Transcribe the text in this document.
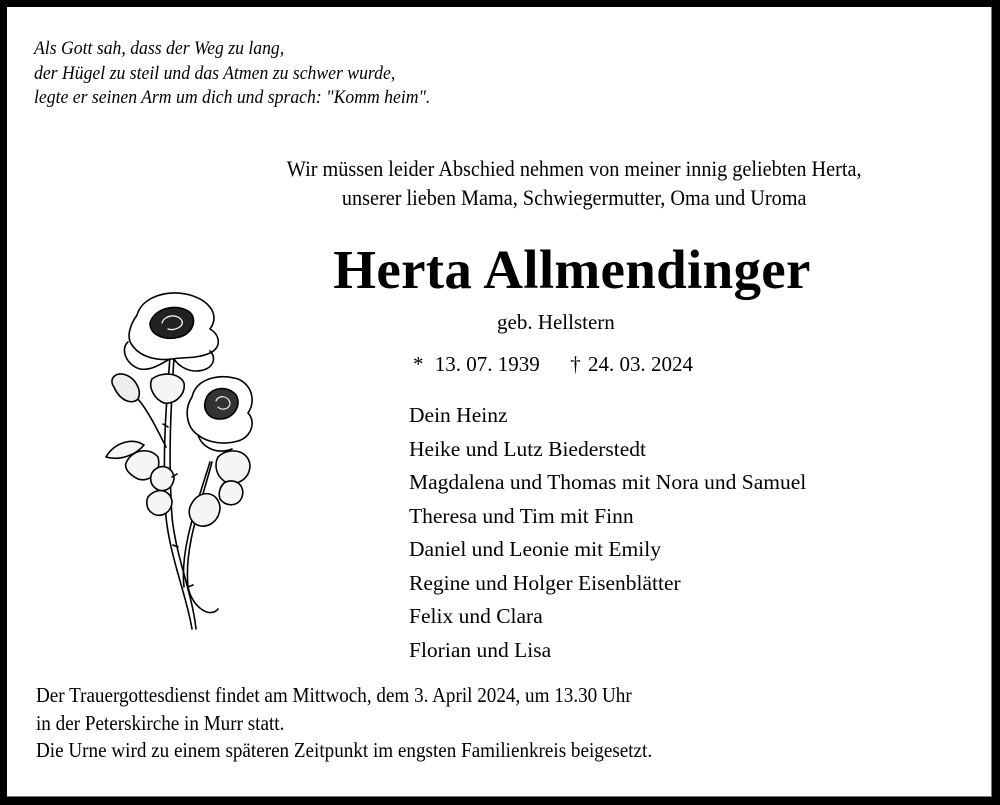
Als Gott sah, dass der Weg zu lang,
der Hügel zu steil und das Atmen zu schwer wurde,
legte er seinen Arm um dich und sprach: "Komm heim".
Wir müssen leider Abschied nehmen von meiner innig geliebten Herta,
unserer lieben Mama, Schwiegermutter, Oma und Uroma
Herta Allmendinger
geb. Hellstern
* 13. 07. 1939 † 24. 03. 2024
Dein Heinz
Heike und Lutz Biederstedt
Magdalena und Thomas mit Nora und Samuel
Theresa und Tim mit Finn
Daniel und Leonie mit Emily
Regine und Holger Eisenblätter
Felix und Clara
Florian und Lisa
Der Trauergottesdienst findet am Mittwoch, dem 3. April 2024, um 13.30 Uhr
in der Peterskirche in Murr statt.
Die Urne wird zu einem späteren Zeitpunkt im engsten Familienkreis beigesetzt.
